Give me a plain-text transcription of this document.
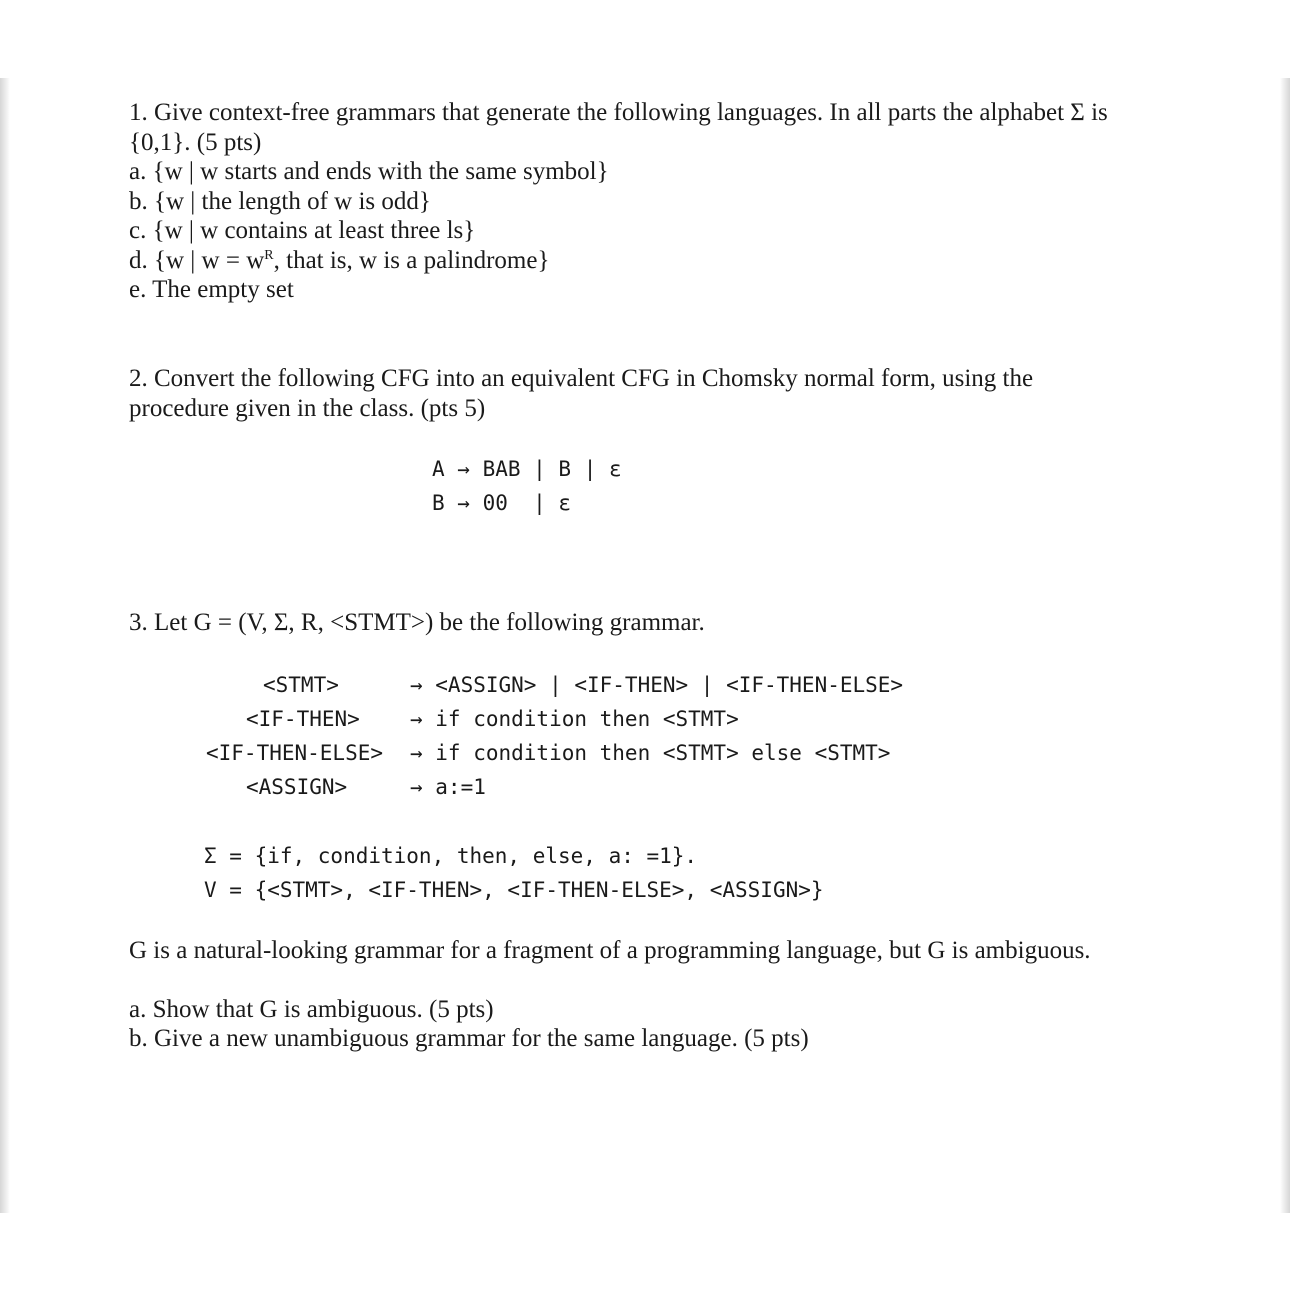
1. Give context-free grammars that generate the following languages. In all parts the alphabet Σ is
{0,1}. (5 pts)
a. {w | w starts and ends with the same symbol}
b. {w | the length of w is odd}
c. {w | w contains at least three ls}
d. {w | $w = w^R$, that is, w is a palindrome}
e. The empty set
2. Convert the following CFG into an equivalent CFG in Chomsky normal form, using the
procedure given in the class. (pts 5)
A → BAB | B | ε
B → 00  | ε
3. Let G = (V, Σ, R, <STMT>) be the following grammar.
<STMT>	→ <ASSIGN> | <IF-THEN> | <IF-THEN-ELSE>
<IF-THEN> → if condition then <STMT>
<IF-THEN-ELSE> → if condition then <STMT> else <STMT>
<ASSIGN>	→ a:=1
Σ = {if, condition, then, else, a: =1}.
V = {<STMT>, <IF-THEN>, <IF-THEN-ELSE>, <ASSIGN>}
G is a natural-looking grammar for a fragment of a programming language, but G is ambiguous.
a. Show that G is ambiguous. (5 pts)
b. Give a new unambiguous grammar for the same language. (5 pts)
